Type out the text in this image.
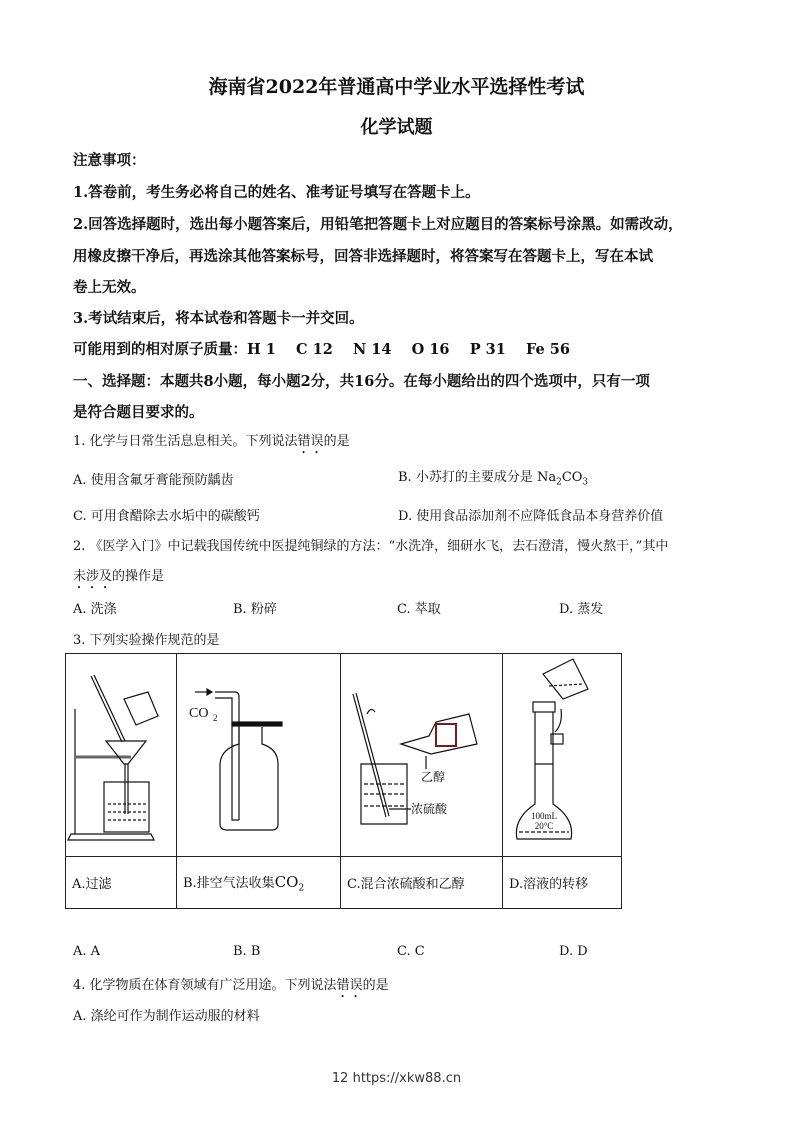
海南省2022年普通高中学业水平选择性考试
化学试题
注意事项：
1.答卷前，考生务必将自己的姓名、准考证号填写在答题卡上。
2.回答选择题时，选出每小题答案后，用铅笔把答题卡上对应题目的答案标号涂黑。如需改动，
用橡皮擦干净后，再选涂其他答案标号，回答非选择题时，将答案写在答题卡上，写在本试
卷上无效。
3.考试结束后，将本试卷和答题卡一并交回。
可能用到的相对原子质量：H 1    C 12    N 14    O 16    P 31    Fe 56
一、选择题：本题共8小题，每小题2分，共16分。在每小题给出的四个选项中，只有一项
是符合题目要求的。
1. 化学与日常生活息息相关。下列说法错误的是
A. 使用含氟牙膏能预防龋齿	B. 小苏打的主要成分是 $Na_2CO_3$
C. 可用食醋除去水垢中的碳酸钙	D. 使用食品添加剂不应降低食品本身营养价值
2. 《医学入门》中记载我国传统中医提纯铜绿的方法：“水洗净，细研水飞，去石澄清，慢火熬干，”其中
未涉及的操作是
A. 洗涤	B. 粉碎	C. 萃取	D. 蒸发
3. 下列实验操作规范的是

CO 2	乙醇
浓硫酸	100mL
20°C

A.过滤	B.排空气法收集$CO_2$	C.混合浓硫酸和乙醇	D.溶液的转移
A. A	B. B	C. C	D. D
4. 化学物质在体育领域有广泛用途。下列说法错误的是
A. 涤纶可作为制作运动服的材料
12 https://xkw88.cn
